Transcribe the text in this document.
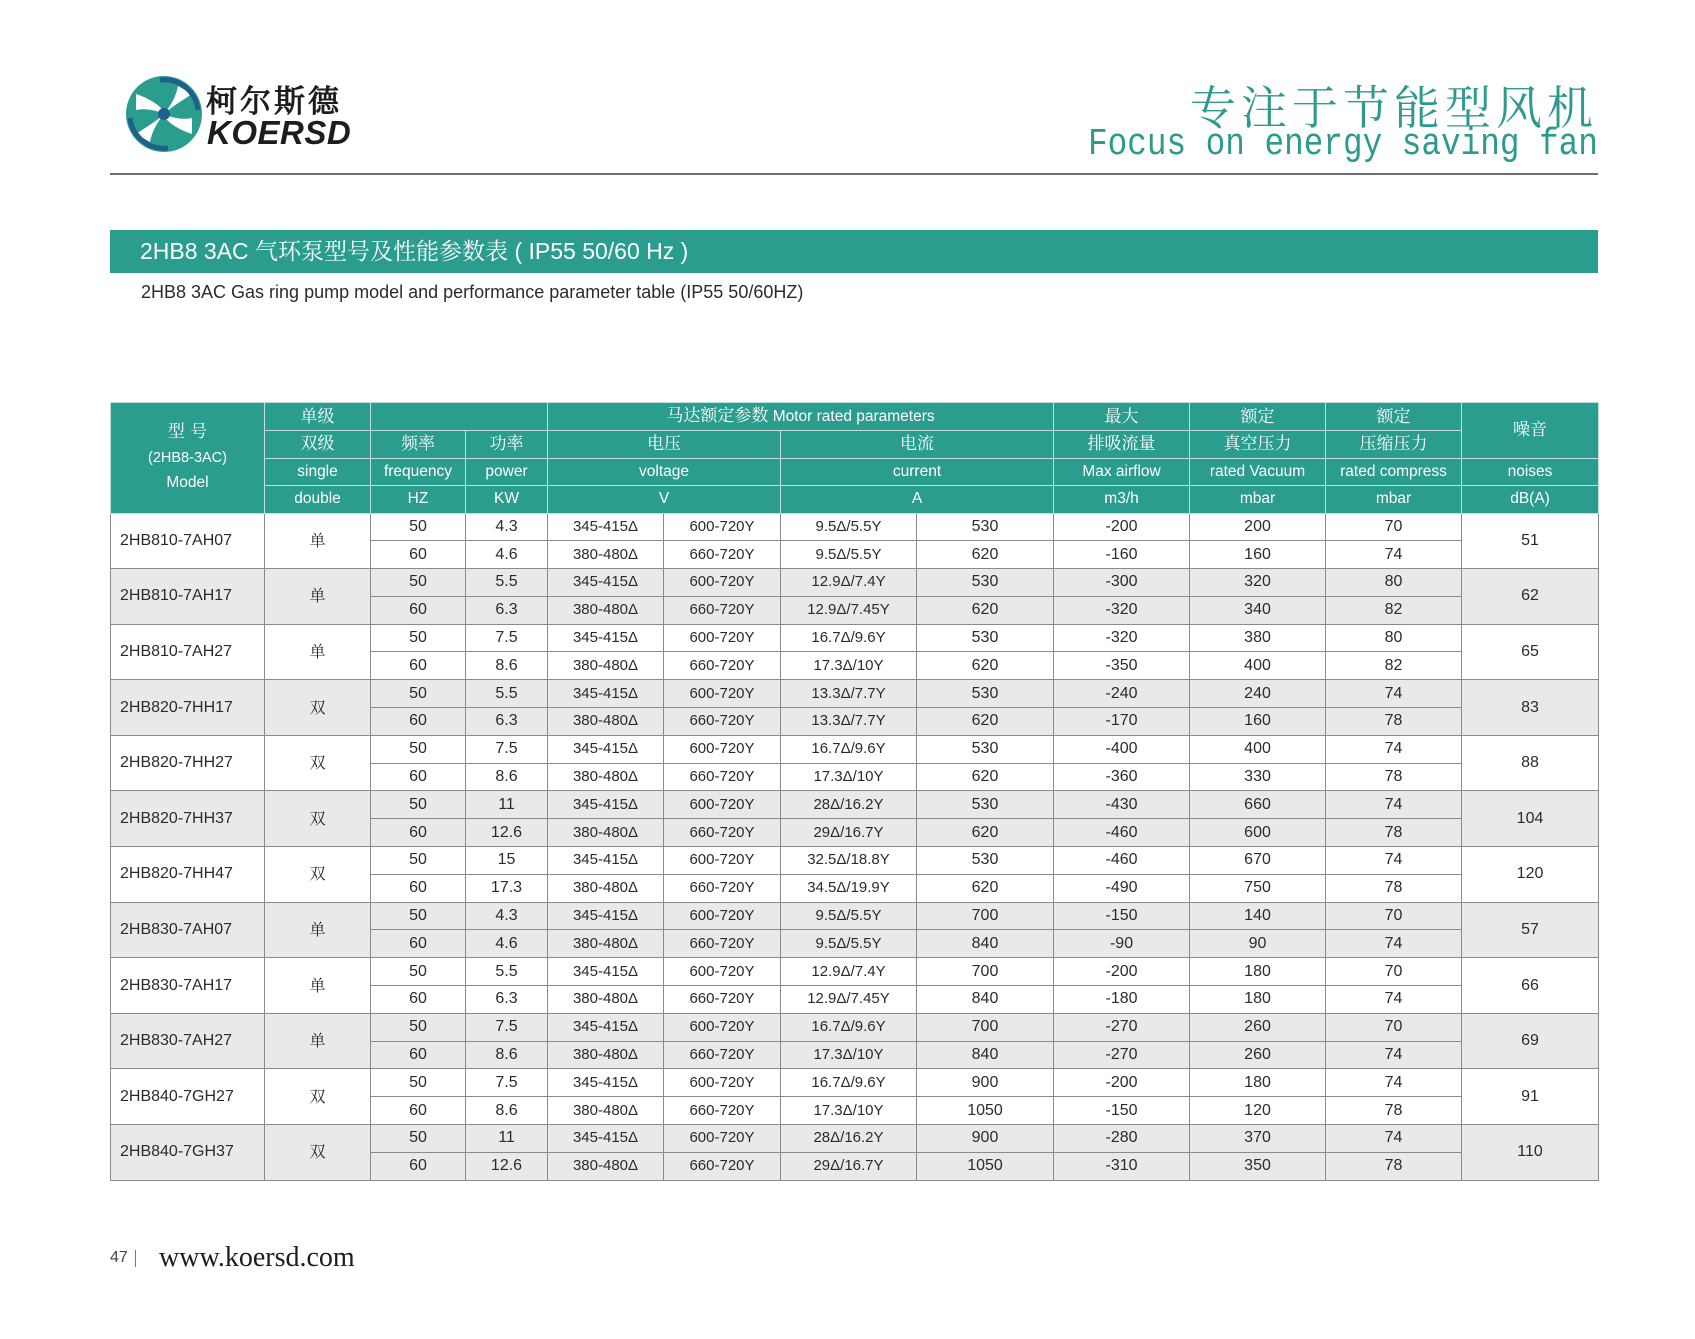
柯尔斯德
KOERSD	专注于节能型风机
Focus on energy saving fan
2HB8 3AC 气环泵型号及性能参数表 ( IP55 50/60 Hz )
2HB8 3AC Gas ring pump model and performance parameter table (IP55 50/60HZ)
型 号
(2HB8-3AC)
Model	单级			马达额定参数 Motor rated parameters				最大	额定	额定	噪音	
	双级	频率	功率	电压		电流		排吸流量	真空压力	压缩压力		
	single	frequency	power	voltage		current		Max airflow	rated Vacuum	rated compress	noises	
	double	HZ	KW	V		A		m3/h	mbar	mbar	dB(A)	
2HB810-7AH07	单	50	4.3	345-415Δ	600-720Y	9.5Δ/5.5Y	530	-200	200	70	51	
		60	4.6	380-480Δ	660-720Y	9.5Δ/5.5Y	620	-160	160	74		
2HB810-7AH17	单	50	5.5	345-415Δ	600-720Y	12.9Δ/7.4Y	530	-300	320	80	62	
		60	6.3	380-480Δ	660-720Y	12.9Δ/7.45Y	620	-320	340	82		
2HB810-7AH27	单	50	7.5	345-415Δ	600-720Y	16.7Δ/9.6Y	530	-320	380	80	65	
		60	8.6	380-480Δ	660-720Y	17.3Δ/10Y	620	-350	400	82		
2HB820-7HH17	双	50	5.5	345-415Δ	600-720Y	13.3Δ/7.7Y	530	-240	240	74	83	
		60	6.3	380-480Δ	660-720Y	13.3Δ/7.7Y	620	-170	160	78		
2HB820-7HH27	双	50	7.5	345-415Δ	600-720Y	16.7Δ/9.6Y	530	-400	400	74	88	
		60	8.6	380-480Δ	660-720Y	17.3Δ/10Y	620	-360	330	78		
2HB820-7HH37	双	50	11	345-415Δ	600-720Y	28Δ/16.2Y	530	-430	660	74	104	
		60	12.6	380-480Δ	660-720Y	29Δ/16.7Y	620	-460	600	78		
2HB820-7HH47	双	50	15	345-415Δ	600-720Y	32.5Δ/18.8Y	530	-460	670	74	120	
		60	17.3	380-480Δ	660-720Y	34.5Δ/19.9Y	620	-490	750	78		
2HB830-7AH07	单	50	4.3	345-415Δ	600-720Y	9.5Δ/5.5Y	700	-150	140	70	57	
		60	4.6	380-480Δ	660-720Y	9.5Δ/5.5Y	840	-90	90	74		
2HB830-7AH17	单	50	5.5	345-415Δ	600-720Y	12.9Δ/7.4Y	700	-200	180	70	66	
		60	6.3	380-480Δ	660-720Y	12.9Δ/7.45Y	840	-180	180	74		
2HB830-7AH27	单	50	7.5	345-415Δ	600-720Y	16.7Δ/9.6Y	700	-270	260	70	69	
		60	8.6	380-480Δ	660-720Y	17.3Δ/10Y	840	-270	260	74		
2HB840-7GH27	双	50	7.5	345-415Δ	600-720Y	16.7Δ/9.6Y	900	-200	180	74	91	
		60	8.6	380-480Δ	660-720Y	17.3Δ/10Y	1050	-150	120	78		
2HB840-7GH37	双	50	11	345-415Δ	600-720Y	28Δ/16.2Y	900	-280	370	74	110	
		60	12.6	380-480Δ	660-720Y	29Δ/16.7Y	1050	-310	350	78		
47 www.koersd.com
